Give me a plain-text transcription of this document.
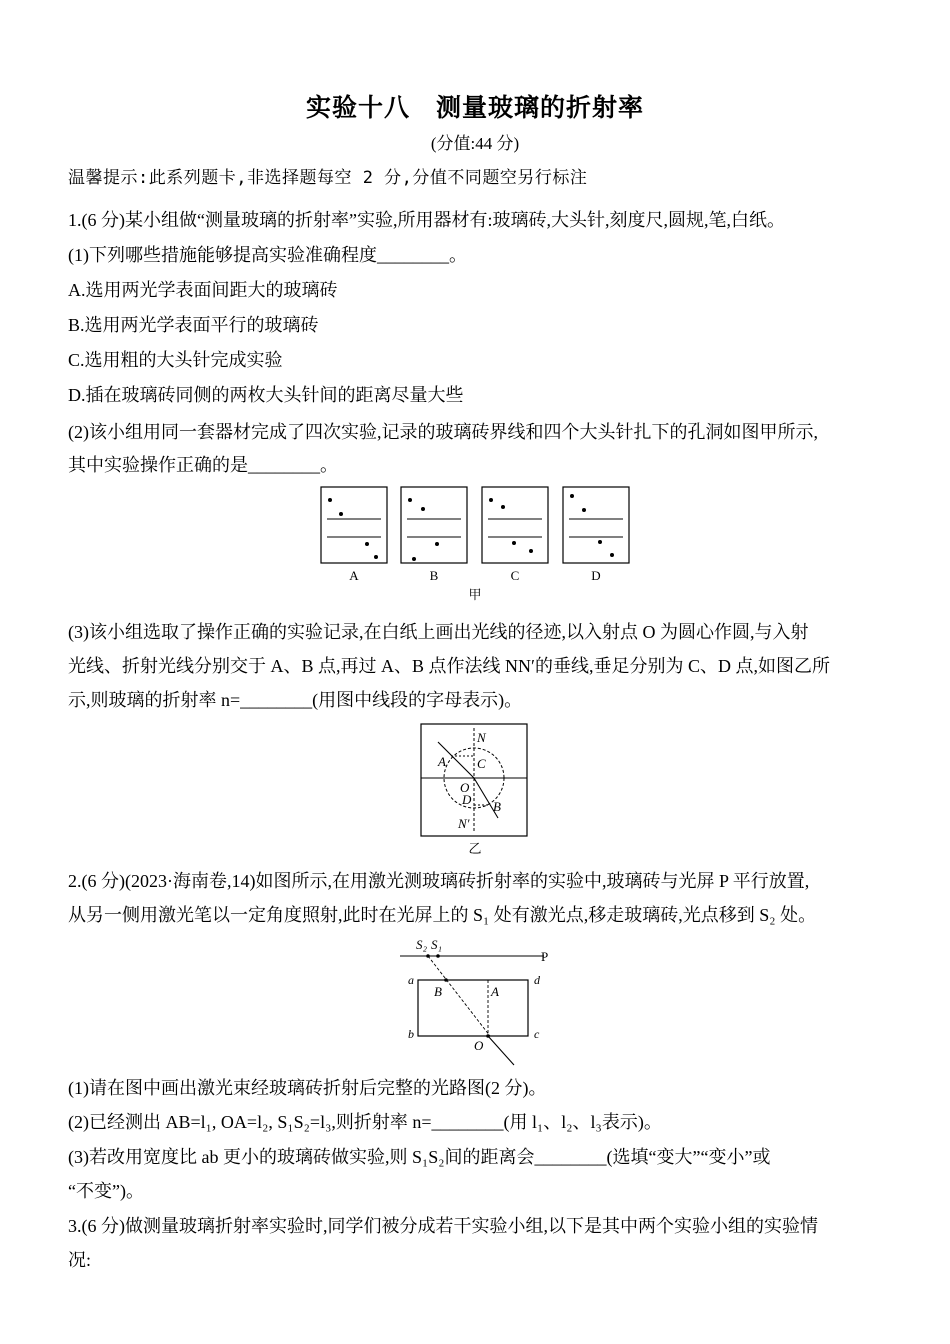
实验十八　测量玻璃的折射率
(分值:44 分)
温馨提示:此系列题卡,非选择题每空 2 分,分值不同题空另行标注
1.(6 分)某小组做“测量玻璃的折射率”实验,所用器材有:玻璃砖,大头针,刻度尺,圆规,笔,白纸。
(1)下列哪些措施能够提高实验准确程度________。
A.选用两光学表面间距大的玻璃砖
B.选用两光学表面平行的玻璃砖
C.选用粗的大头针完成实验
D.插在玻璃砖同侧的两枚大头针间的距离尽量大些
(2)该小组用同一套器材完成了四次实验,记录的玻璃砖界线和四个大头针扎下的孔洞如图甲所示,
其中实验操作正确的是________。
A	B	C	D
甲
(3)该小组选取了操作正确的实验记录,在白纸上画出光线的径迹,以入射点 O 为圆心作圆,与入射
光线、折射光线分别交于 A、B 点,再过 A、B 点作法线 NN′的垂线,垂足分别为 C、D 点,如图乙所
示,则玻璃的折射率 n=________(用图中线段的字母表示)。
N
A C
O
D B
N′
乙
2.(6 分)(2023·海南卷,14)如图所示,在用激光测玻璃砖折射率的实验中,玻璃砖与光屏 P 平行放置,
从另一侧用激光笔以一定角度照射,此时在光屏上的 S₁ 处有激光点,移走玻璃砖,光点移到 S₂ 处。
S₂ S₁
P
a	d
b	c
B	A
O
(1)请在图中画出激光束经玻璃砖折射后完整的光路图(2 分)。
(2)已经测出 AB=l₁, OA=l₂, S₁S₂=l₃,则折射率 n=________(用 l₁、l₂、l₃表示)。
(3)若改用宽度比 ab 更小的玻璃砖做实验,则 S₁S₂间的距离会________(选填“变大”“变小”或
“不变”)。
3.(6 分)做测量玻璃折射率实验时,同学们被分成若干实验小组,以下是其中两个实验小组的实验情
况:
